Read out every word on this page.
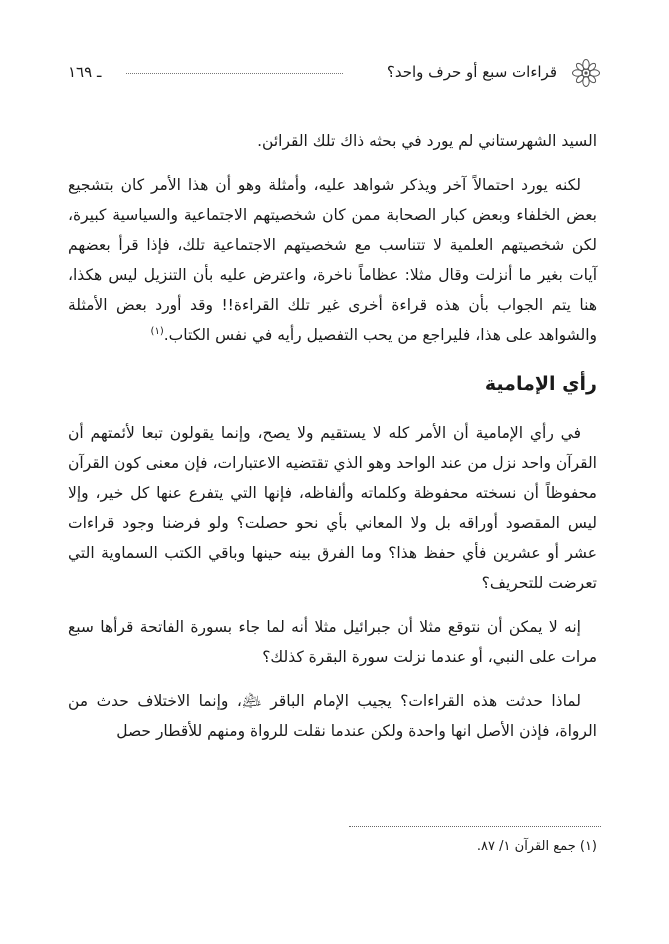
قراءات سبع أو حرف واحد؟
ـ ١٦٩

السيد الشهرستاني لم يورد في بحثه ذاك تلك القرائن.

لكنه يورد احتمالاً آخر ويذكر شواهد عليه، وأمثلة وهو أن هذا الأمر كان بتشجيع بعض الخلفاء وبعض كبار الصحابة ممن كان شخصيتهم الاجتماعية والسياسية كبيرة، لكن شخصيتهم العلمية لا تتناسب مع شخصيتهم الاجتماعية تلك، فإذا قرأ بعضهم آيات بغير ما أنزلت وقال مثلا: عظاماً ناخرة، واعترض عليه بأن التنزيل ليس هكذا، هنا يتم الجواب بأن هذه قراءة أخرى غير تلك القراءة!! وقد أورد بعض الأمثلة والشواهد على هذا، فليراجع من يحب التفصيل رأيه في نفس الكتاب.$^{(١)}$

رأي الإمامية

في رأي الإمامية أن الأمر كله لا يستقيم ولا يصح، وإنما يقولون تبعا لأئمتهم أن القرآن واحد نزل من عند الواحد وهو الذي تقتضيه الاعتبارات، فإن معنى كون القرآن محفوظاً أن نسخته محفوظة وكلماته وألفاظه، فإنها التي يتفرع عنها كل خير، وإلا ليس المقصود أوراقه بل ولا المعاني بأي نحو حصلت؟ ولو فرضنا وجود قراءات عشر أو عشرين فأي حفظ هذا؟ وما الفرق بينه حينها وباقي الكتب السماوية التي تعرضت للتحريف؟

إنه لا يمكن أن نتوقع مثلا أن جبرائيل مثلا أنه لما جاء بسورة الفاتحة قرأها سبع مرات على النبي، أو عندما نزلت سورة البقرة كذلك؟

لماذا حدثت هذه القراءات؟ يجيب الإمام الباقر ﵇، وإنما الاختلاف حدث من الرواة، فإذن الأصل انها واحدة ولكن عندما نقلت للرواة ومنهم للأقطار حصل

(١) جمع القرآن ١/ ٨٧.
